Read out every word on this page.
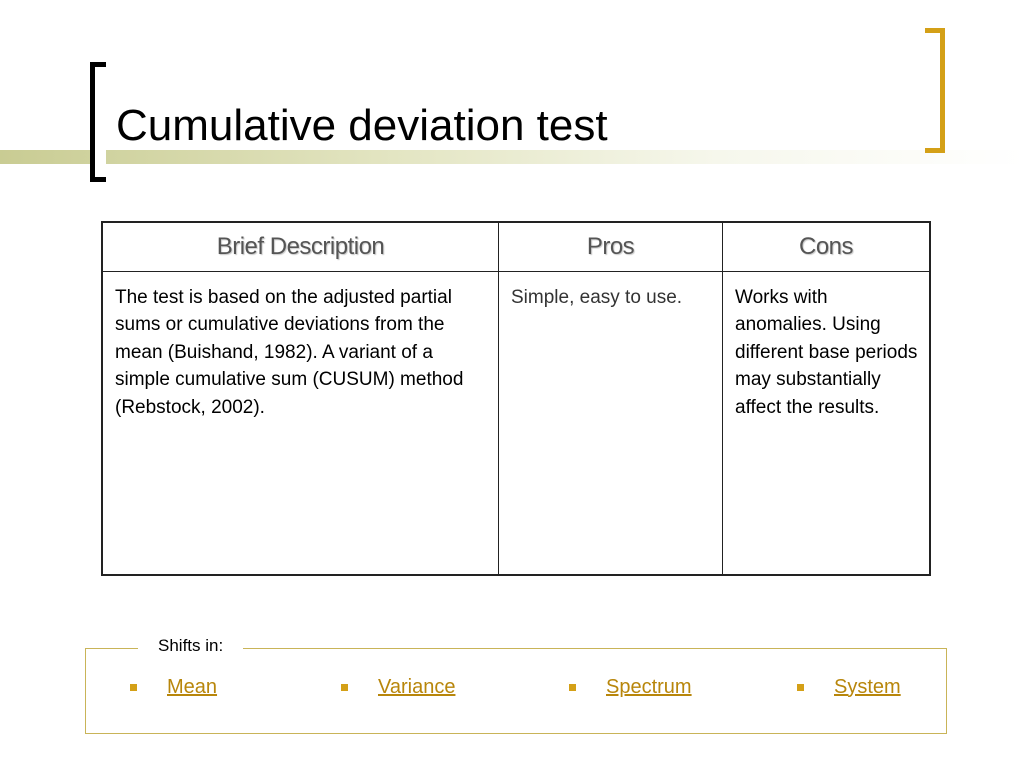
Cumulative deviation test
Brief Description	Pros	Cons
The test is based on the adjusted partial sums or cumulative deviations from the mean (Buishand, 1982). A variant of a simple cumulative sum (CUSUM) method (Rebstock, 2002).	Simple, easy to use.	Works with anomalies. Using different base periods may substantially affect the results.
Shifts in:
Mean	Variance	Spectrum	System
